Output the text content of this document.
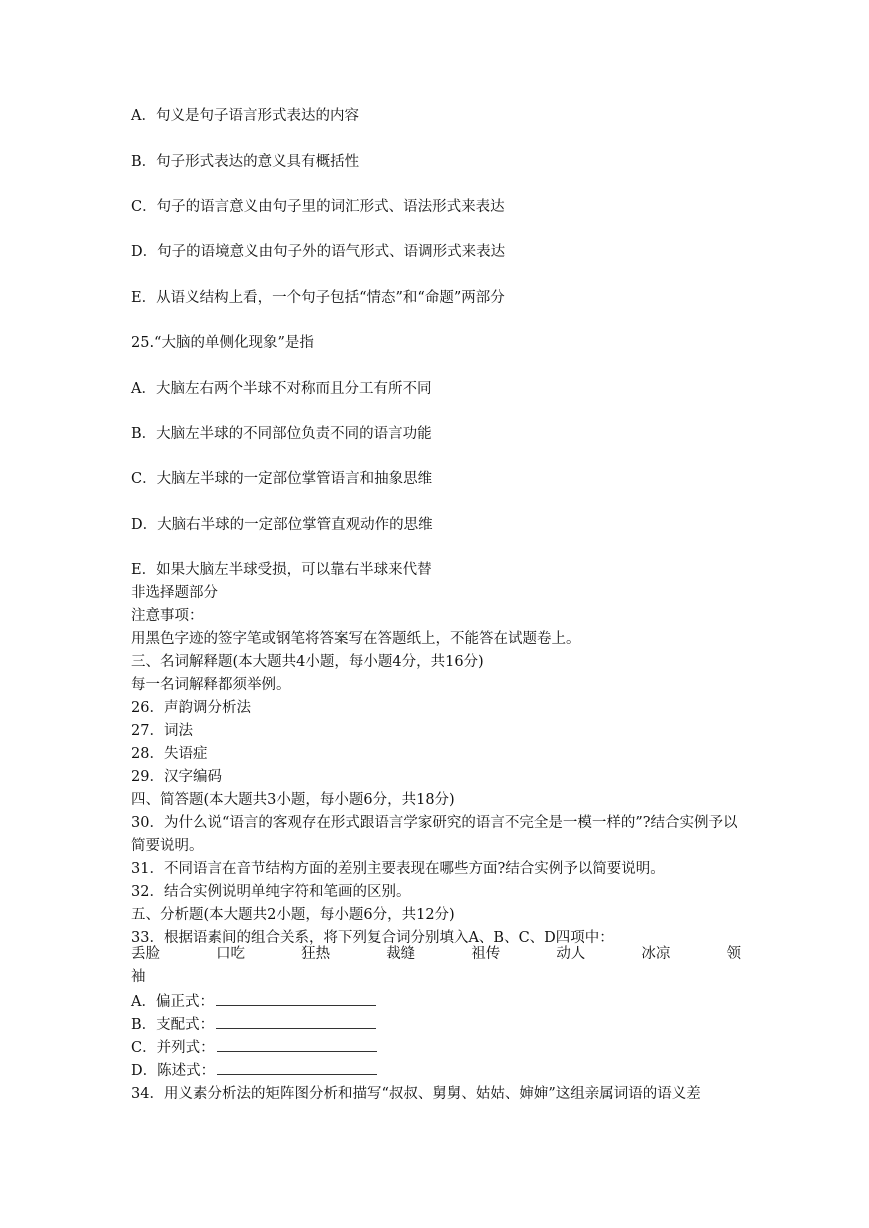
A．句义是句子语言形式表达的内容
B．句子形式表达的意义具有概括性
C．句子的语言意义由句子里的词汇形式、语法形式来表达
D．句子的语境意义由句子外的语气形式、语调形式来表达
E．从语义结构上看，一个句子包括“情态”和“命题”两部分
25.“大脑的单侧化现象”是指
A．大脑左右两个半球不对称而且分工有所不同
B．大脑左半球的不同部位负责不同的语言功能
C．大脑左半球的一定部位掌管语言和抽象思维
D．大脑右半球的一定部位掌管直观动作的思维
E．如果大脑左半球受损，可以靠右半球来代替
非选择题部分
注意事项：
用黑色字迹的签字笔或钢笔将答案写在答题纸上，不能答在试题卷上。
三、名词解释题(本大题共4小题，每小题4分，共16分)
每一名词解释都须举例。
26．声韵调分析法
27．词法
28．失语症
29．汉字编码
四、简答题(本大题共3小题，每小题6分，共18分)
30．为什么说“语言的客观存在形式跟语言学家研究的语言不完全是一模一样的”?结合实例予以简要说明。
31．不同语言在音节结构方面的差别主要表现在哪些方面?结合实例予以简要说明。
32．结合实例说明单纯字符和笔画的区别。
五、分析题(本大题共2小题，每小题6分，共12分)
33．根据语素间的组合关系，将下列复合词分别填入A、B、C、D四项中：
丢脸	口吃	狂热	裁缝	祖传	动人	冰凉	领
袖
A．偏正式：
B．支配式：
C．并列式：
D．陈述式：
34．用义素分析法的矩阵图分析和描写“叔叔、舅舅、姑姑、婶婶”这组亲属词语的语义差
